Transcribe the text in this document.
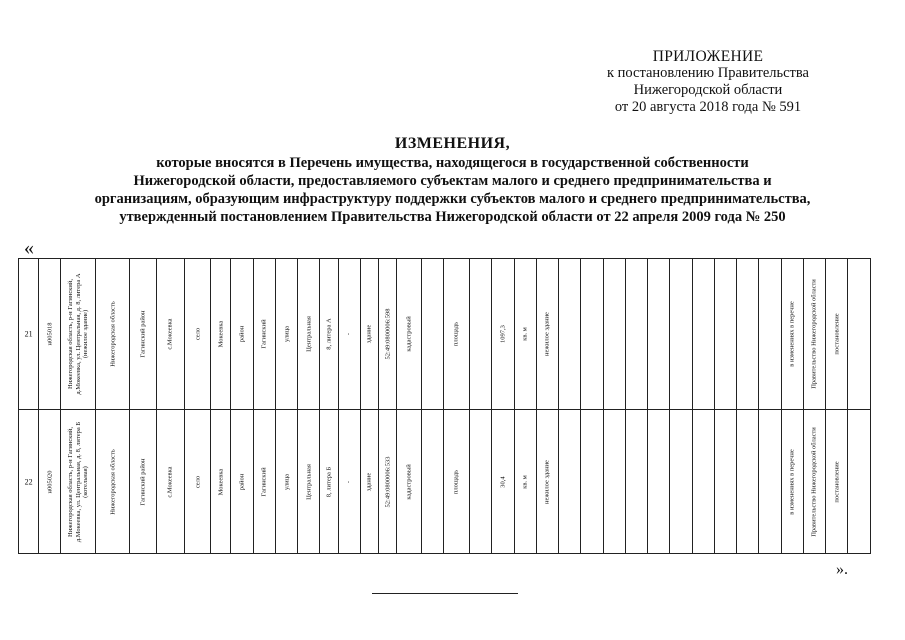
ПРИЛОЖЕНИЕ
к постановлению Правительства
Нижегородской области
от 20 августа 2018 года № 591
ИЗМЕНЕНИЯ,
которые вносятся в Перечень имущества, находящегося в государственной собственности
Нижегородской области, предоставляемого субъектам малого и среднего предпринимательства и
организациям, образующим инфраструктуру поддержки субъектов малого и среднего предпринимательства,
утвержденный постановлением Правительства Нижегородской области от 22 апреля 2009 года № 250
«
21	н005018	Нижегородская область, р-н Гагинский, д.Мокеевка, ул. Центральная, д. 8, литера А (нежилое здание)	Нижегородская область	Гагинский район	с.Мокеевка	село	Мокеевка	район	Гагинский	улица	Центральная	8, литера А	-	здание	52:49:0800006:598	кадастровый		площадь		1097,3	кв. м	нежилое здание											в изменениях в перечне	Правительство Нижегородской области	постановление	

22	н005020	Нижегородская область, р-н Гагинский, д.Мокеевка, ул. Центральная, д. 8, литера Б (котельная)	Нижегородская область	Гагинский район	с.Мокеевка	село	Мокеевка	район	Гагинский	улица	Центральная	8, литера Б	-	здание	52:49:0800006:533	кадастровый		площадь		30,4	кв. м	нежилое здание											в изменениях в перечне	Правительство Нижегородской области	постановление	

».
